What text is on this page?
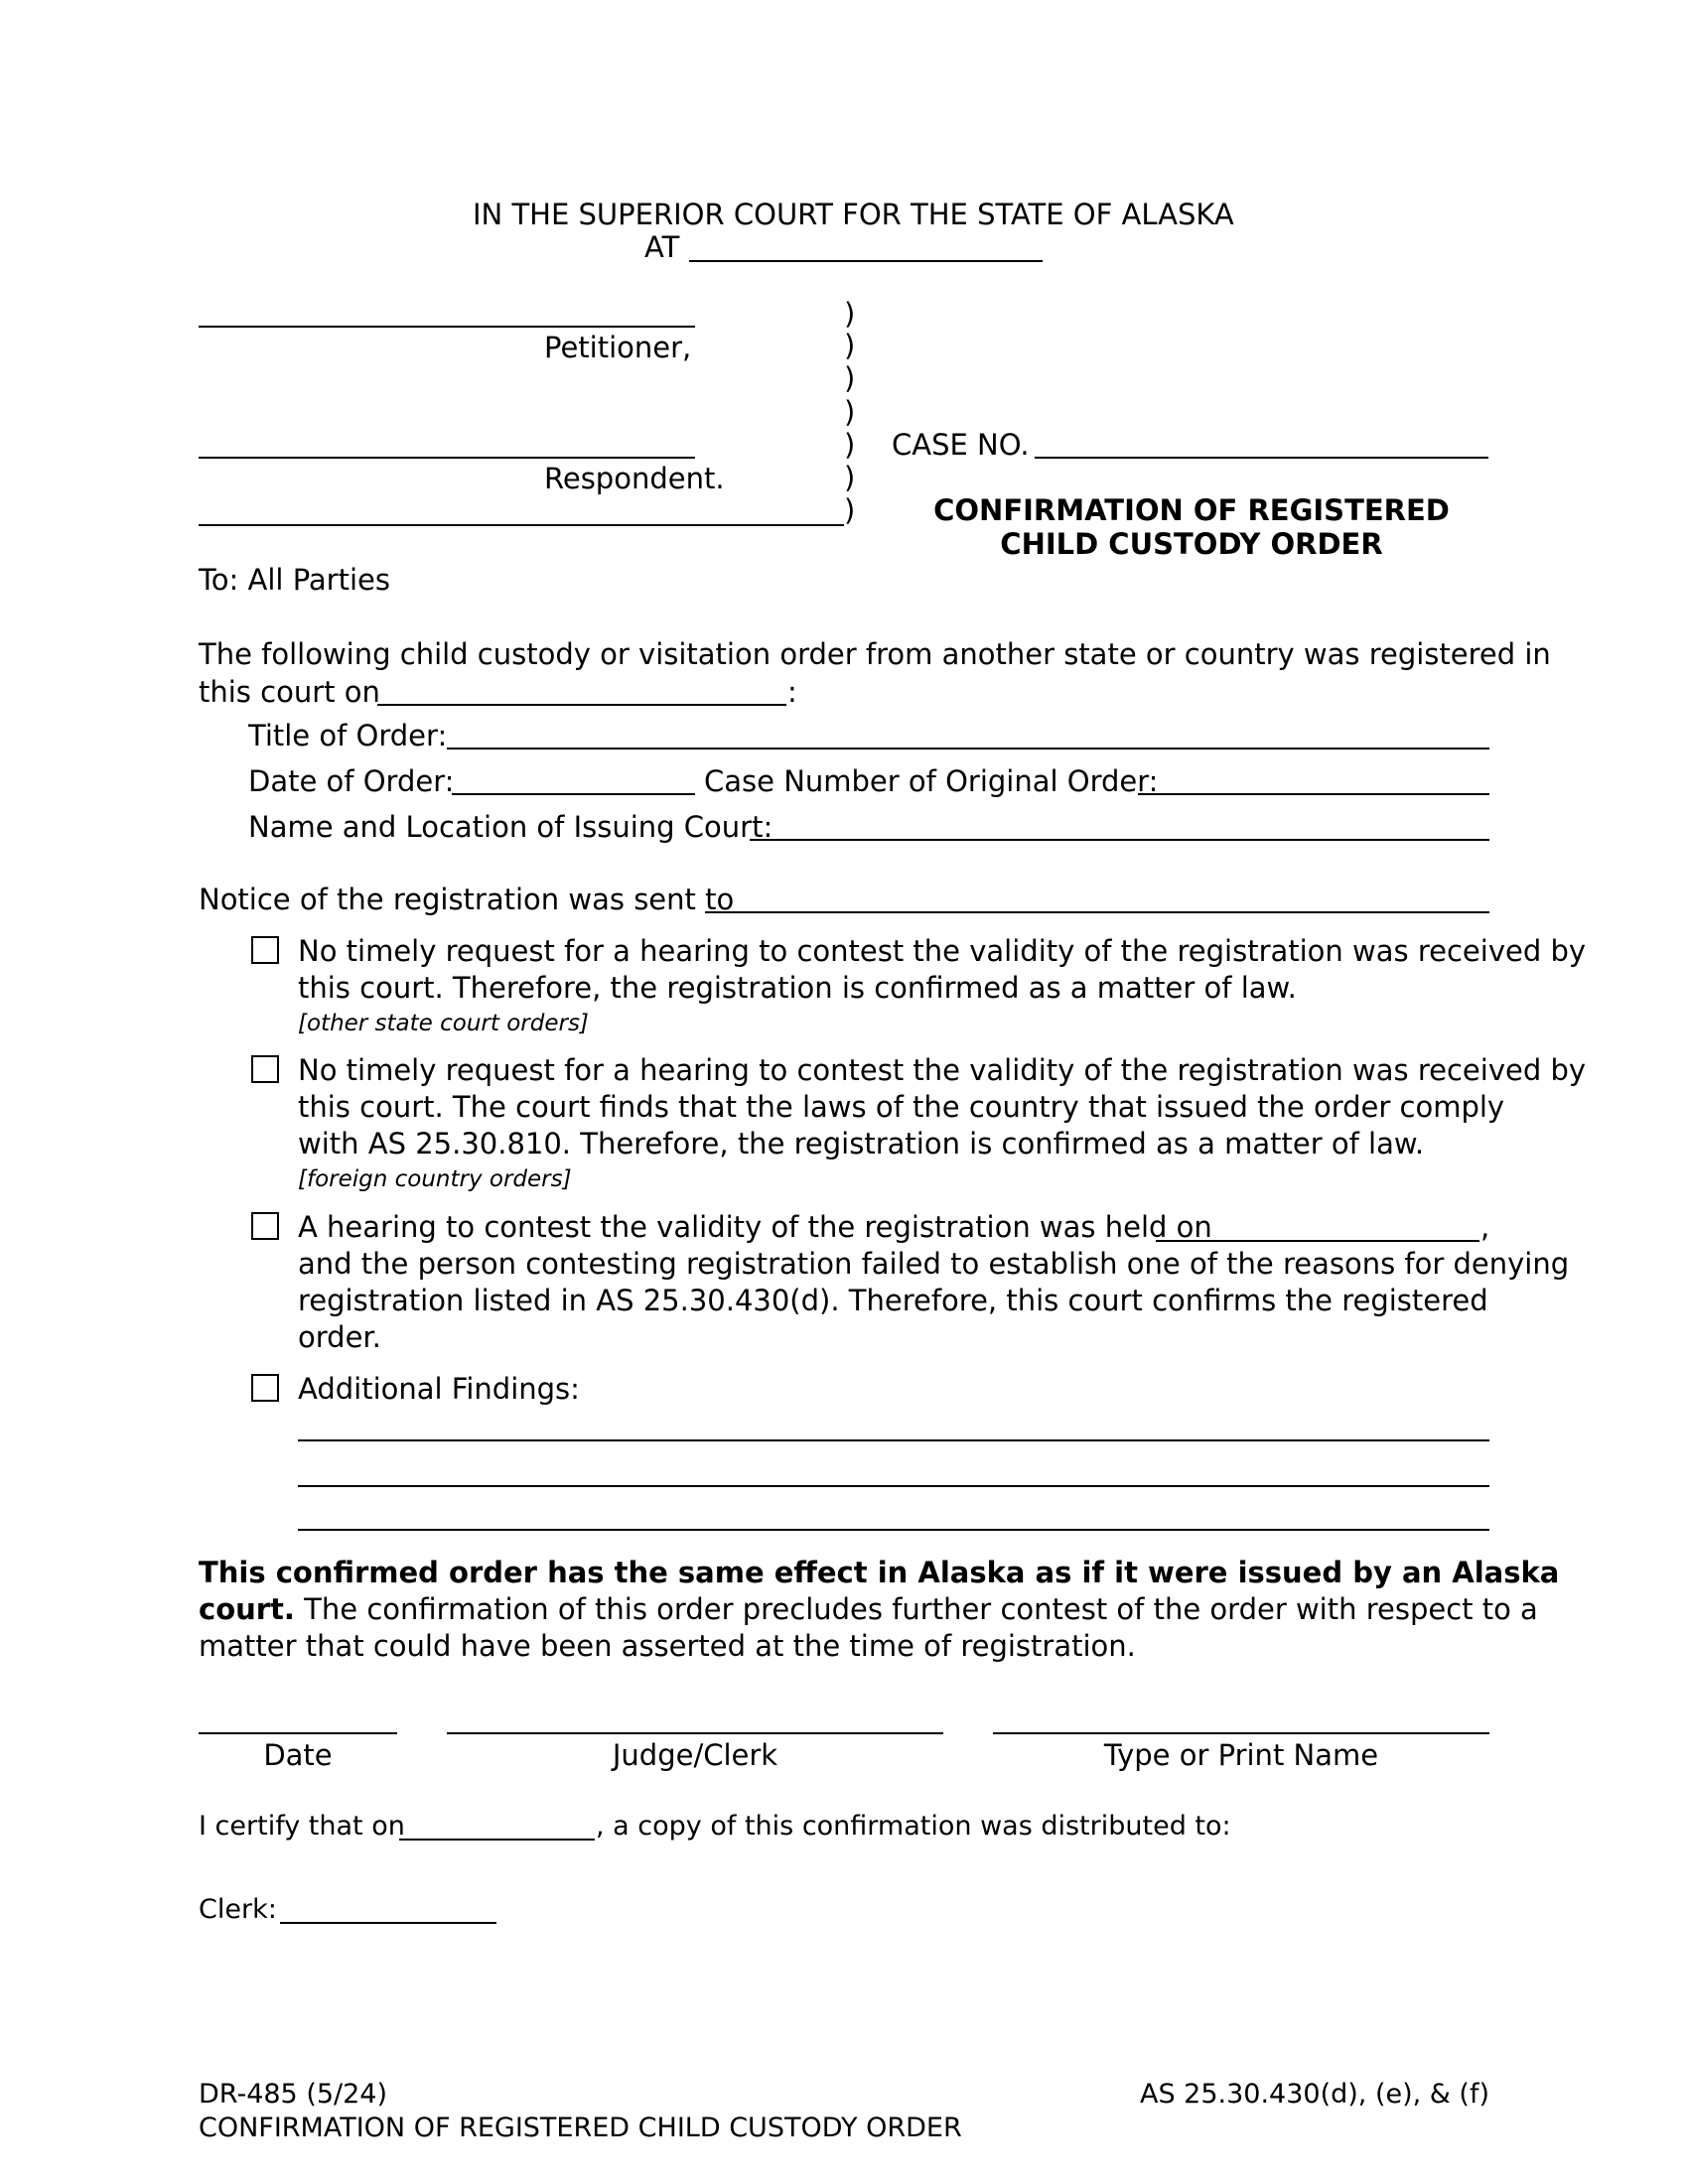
IN THE SUPERIOR COURT FOR THE STATE OF ALASKA
AT
Petitioner,
Respondent.
)
)
)
)
)
)
)
CASE NO.
CONFIRMATION OF REGISTERED
CHILD CUSTODY ORDER
To: All Parties
The following child custody or visitation order from another state or country was registered in
this court on	:
Title of Order:
Date of Order:	Case Number of Original Order:
Name and Location of Issuing Court:
Notice of the registration was sent to
No timely request for a hearing to contest the validity of the registration was received by
this court. Therefore, the registration is confirmed as a matter of law.
[other state court orders]
No timely request for a hearing to contest the validity of the registration was received by
this court. The court finds that the laws of the country that issued the order comply
with AS 25.30.810. Therefore, the registration is confirmed as a matter of law.
[foreign country orders]
A hearing to contest the validity of the registration was held on	,
and the person contesting registration failed to establish one of the reasons for denying
registration listed in AS 25.30.430(d). Therefore, this court confirms the registered
order.
Additional Findings:
This confirmed order has the same effect in Alaska as if it were issued by an Alaska
court. The confirmation of this order precludes further contest of the order with respect to a
matter that could have been asserted at the time of registration.
Date	Judge/Clerk	Type or Print Name
I certify that on	, a copy of this confirmation was distributed to:
Clerk:
DR-485 (5/24)
CONFIRMATION OF REGISTERED CHILD CUSTODY ORDER
AS 25.30.430(d), (e), & (f)
